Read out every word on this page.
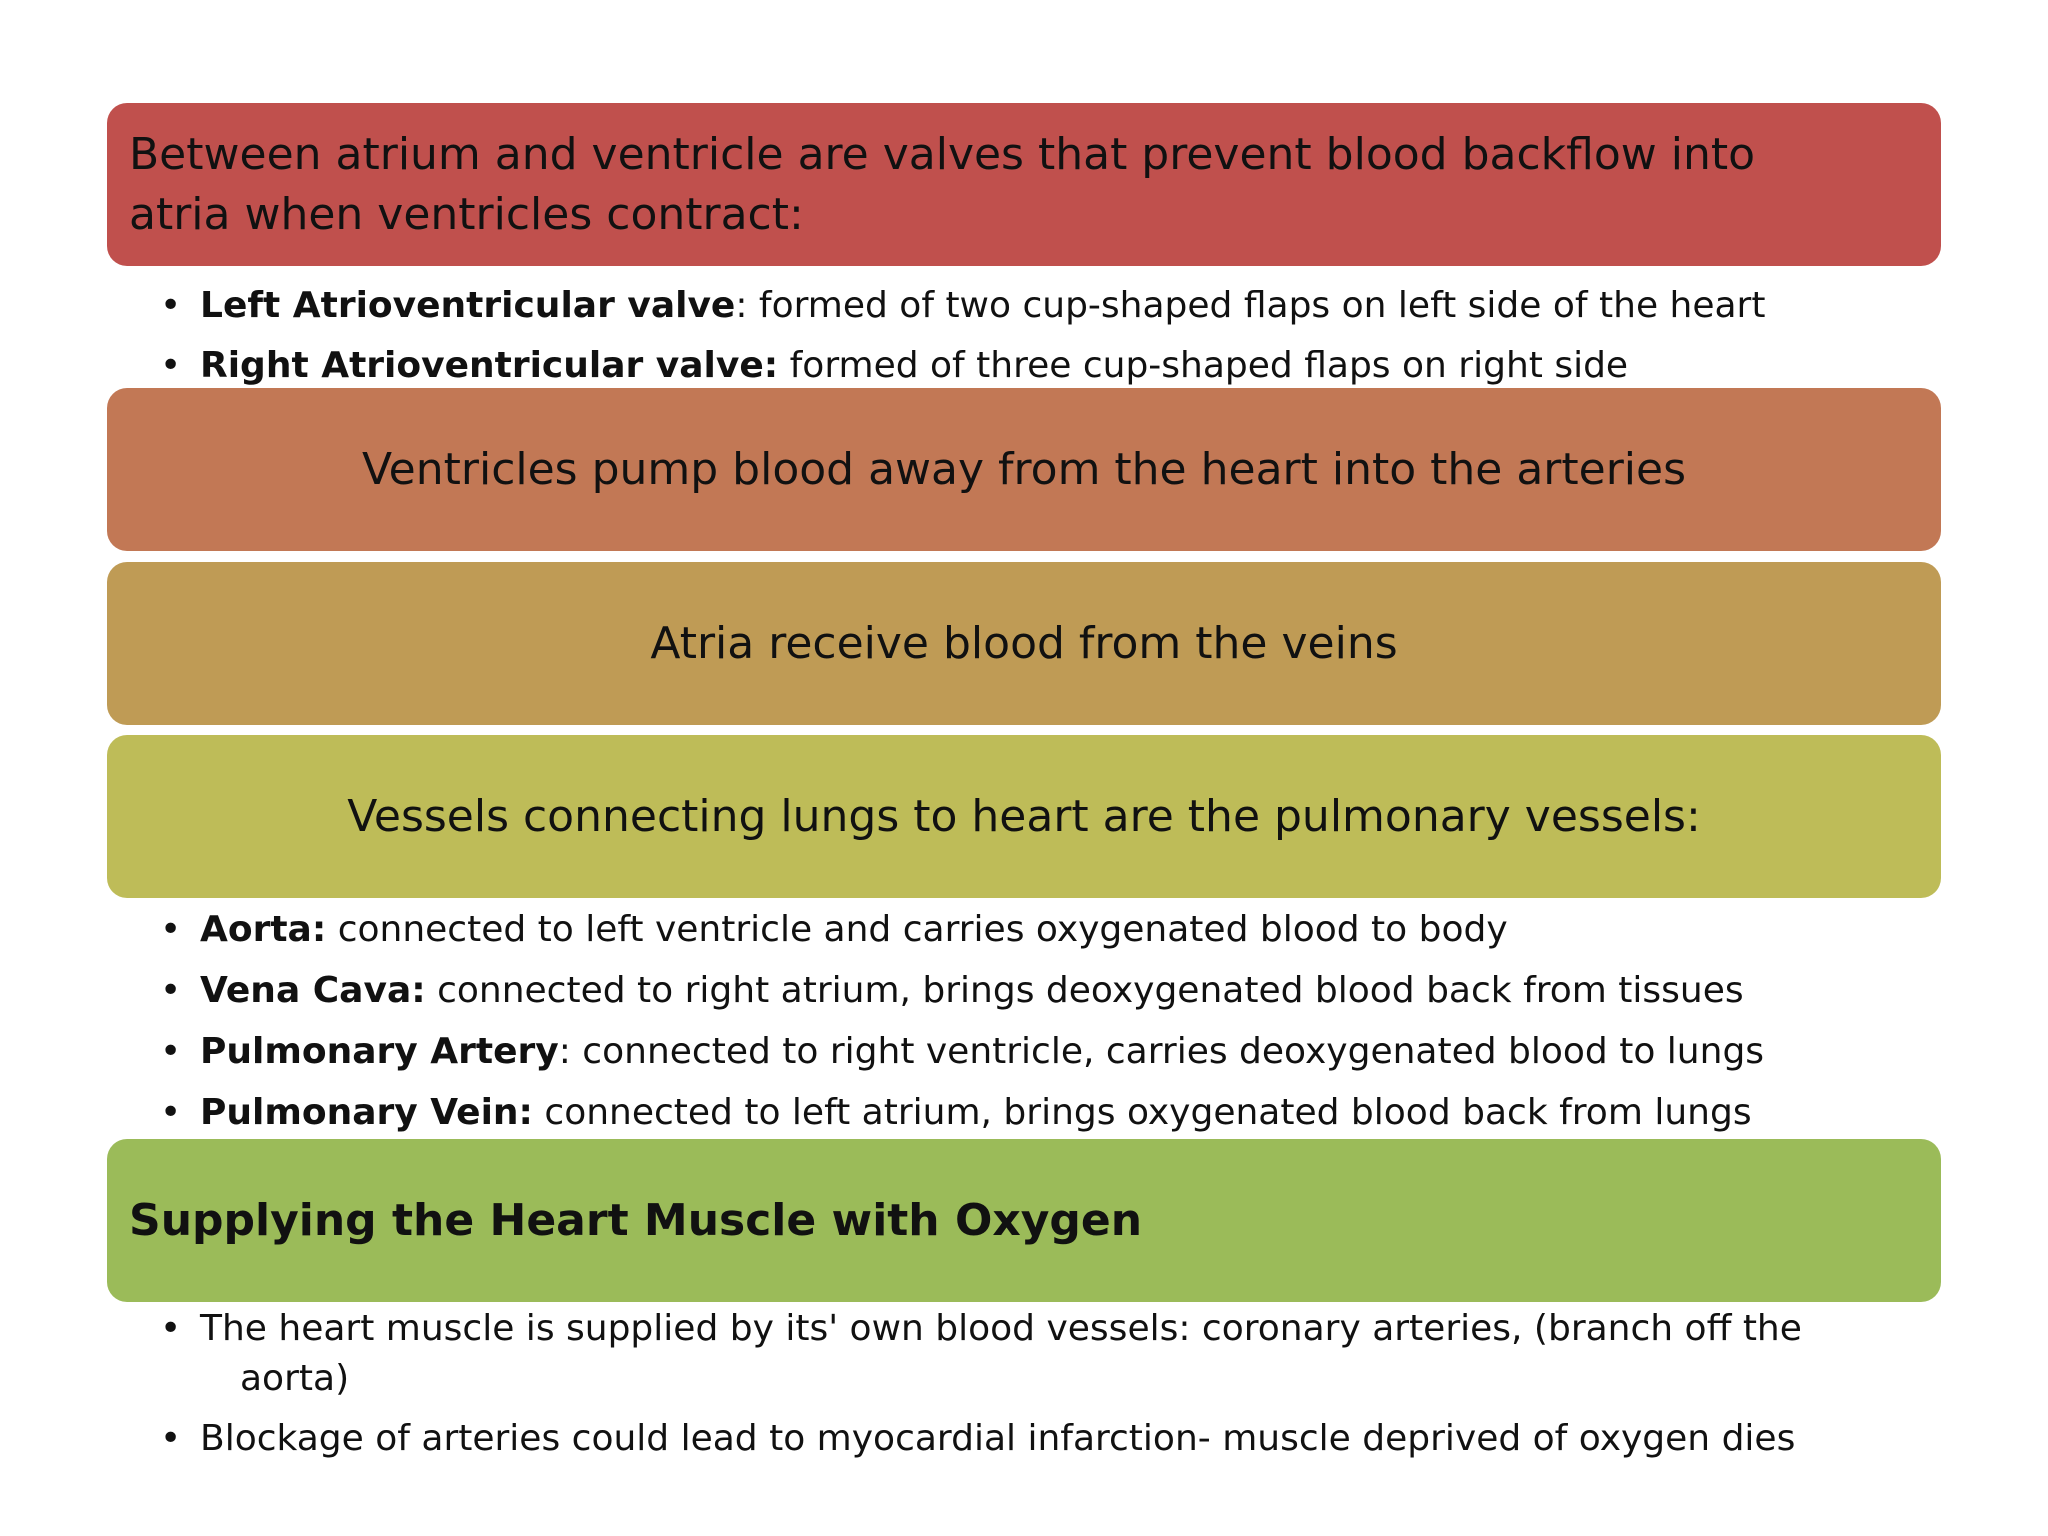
Between atrium and ventricle are valves that prevent blood backflow into
atria when ventricles contract:
• Left Atrioventricular valve: formed of two cup-shaped flaps on left side of the heart
• Right Atrioventricular valve: formed of three cup-shaped flaps on right side
Ventricles pump blood away from the heart into the arteries
Atria receive blood from the veins
Vessels connecting lungs to heart are the pulmonary vessels:
• Aorta: connected to left ventricle and carries oxygenated blood to body
• Vena Cava: connected to right atrium, brings deoxygenated blood back from tissues
• Pulmonary Artery: connected to right ventricle, carries deoxygenated blood to lungs
• Pulmonary Vein: connected to left atrium, brings oxygenated blood back from lungs
Supplying the Heart Muscle with Oxygen
• The heart muscle is supplied by its' own blood vessels: coronary arteries, (branch off the
aorta)
• Blockage of arteries could lead to myocardial infarction- muscle deprived of oxygen dies
